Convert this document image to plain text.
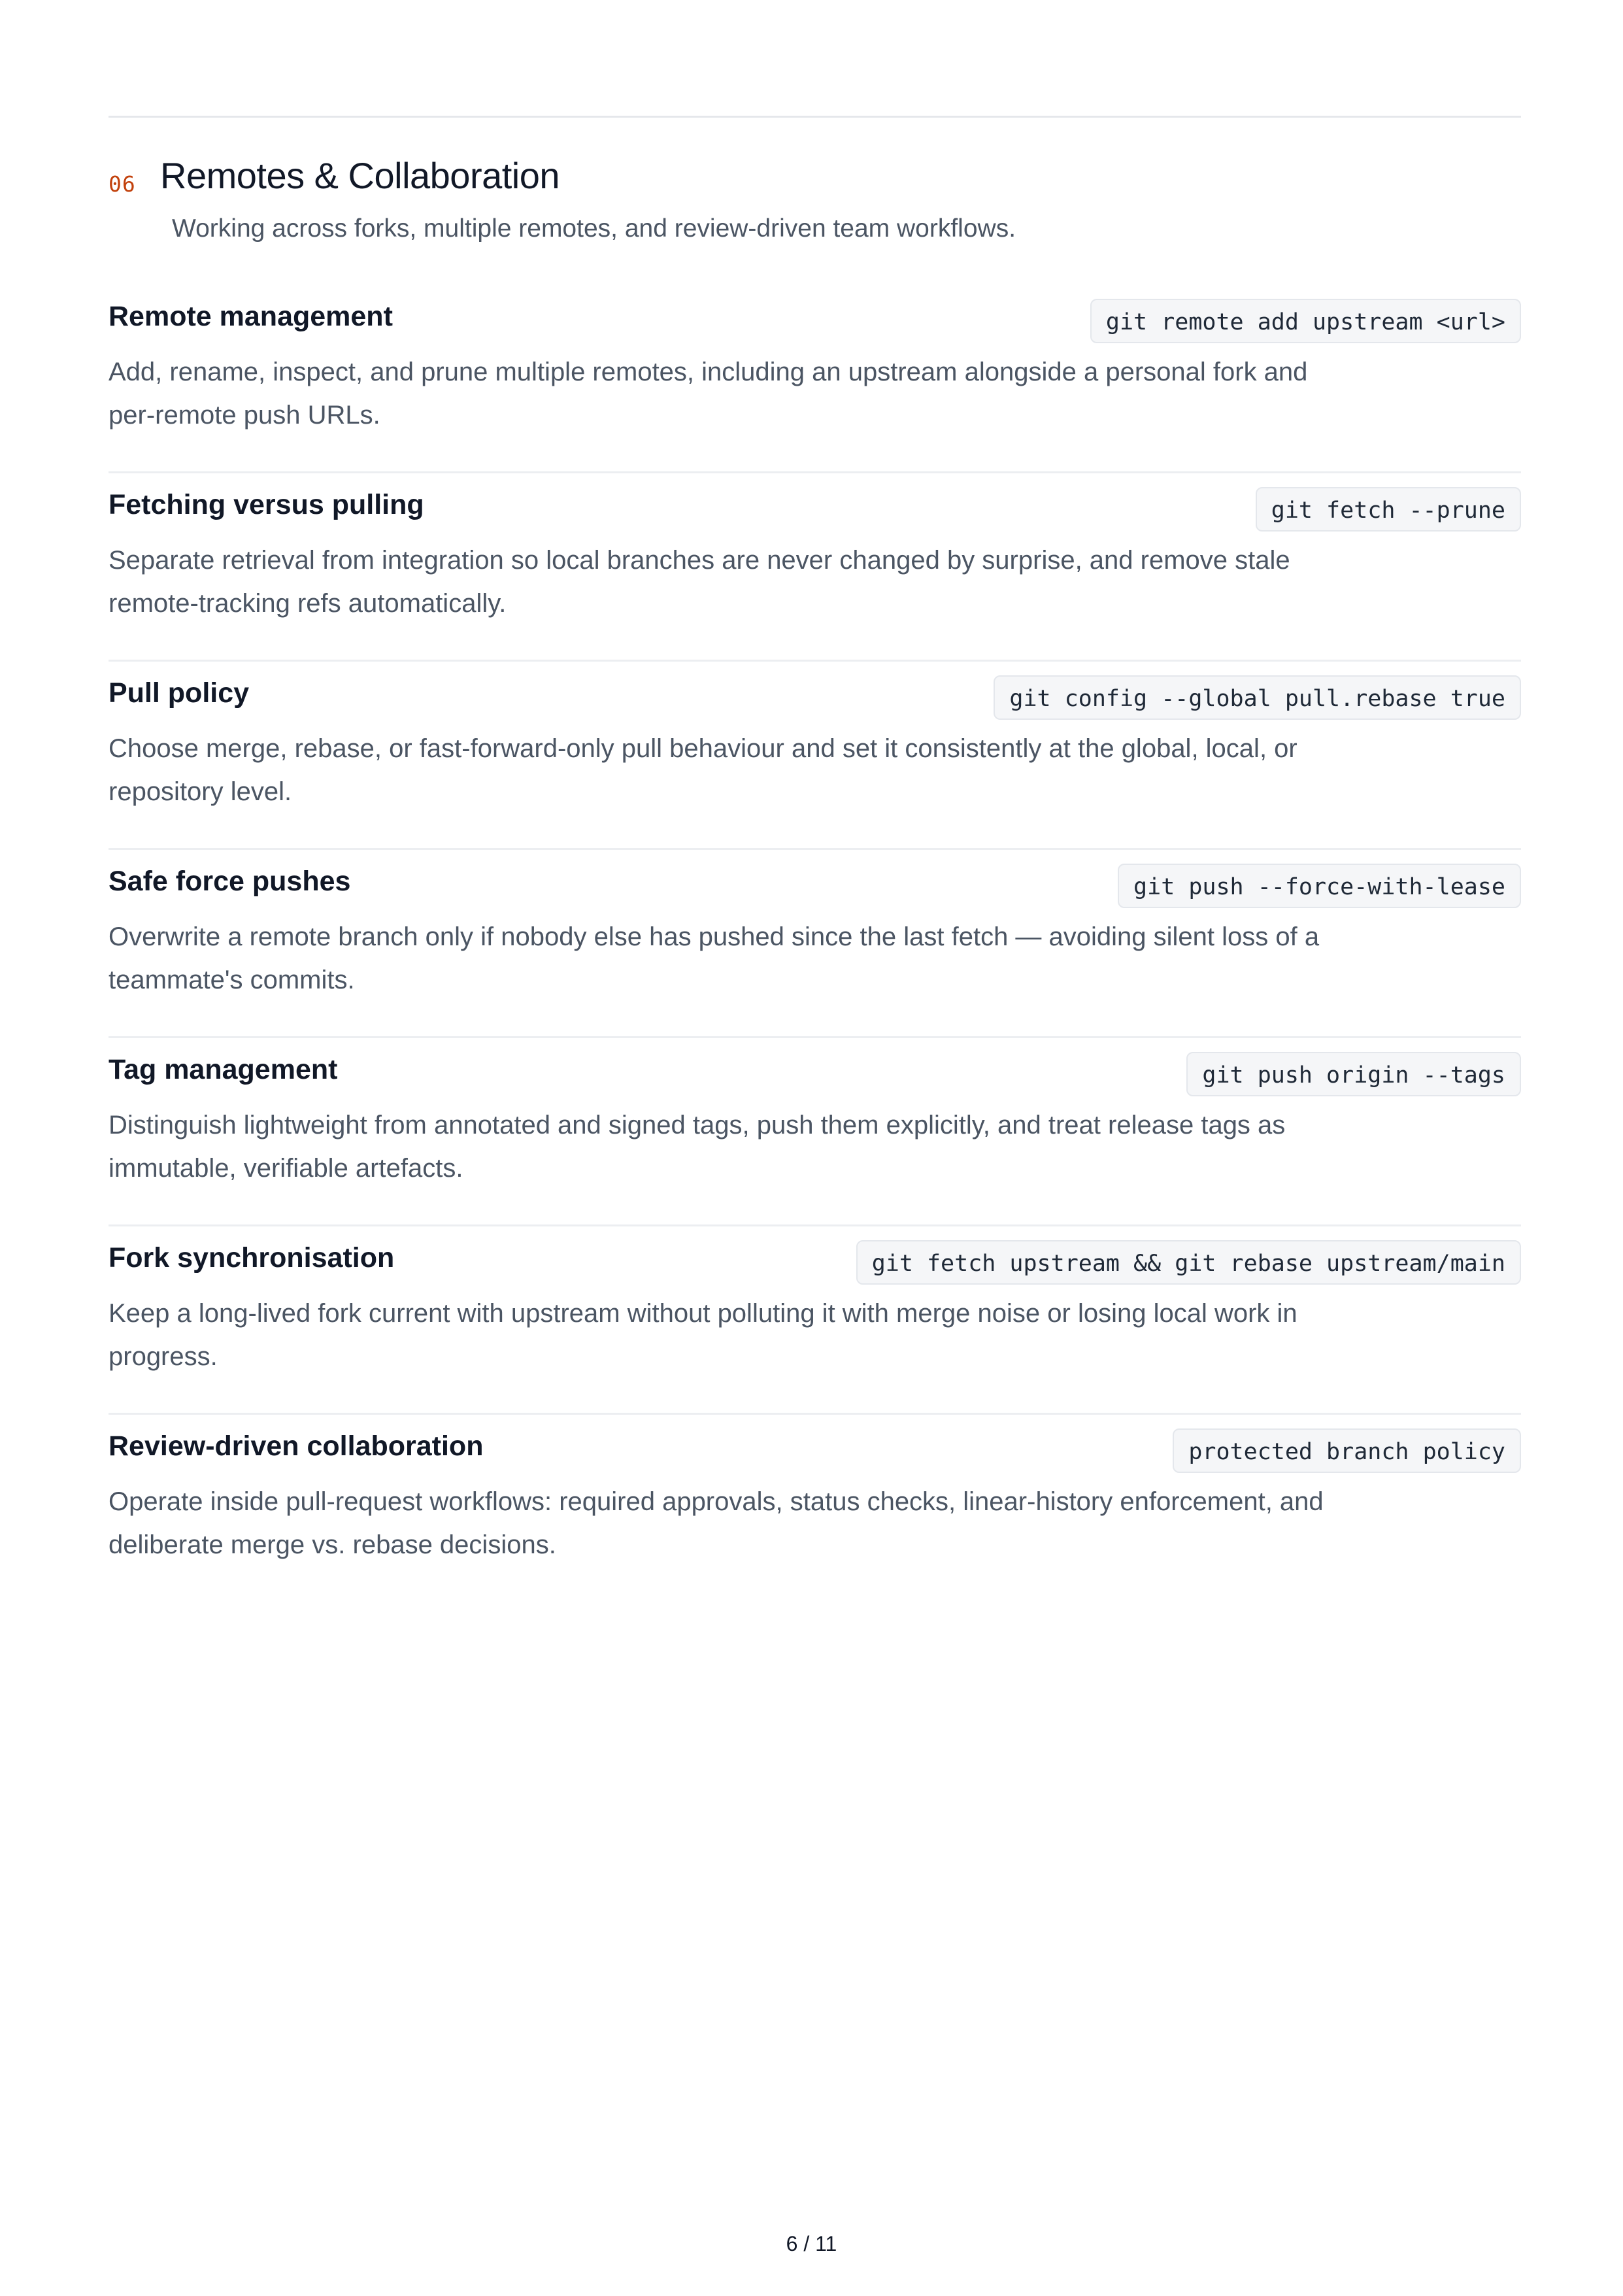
06 Remotes & Collaboration
Working across forks, multiple remotes, and review-driven team workflows.
Remote management	git remote add upstream <url>
Add, rename, inspect, and prune multiple remotes, including an upstream alongside a personal fork and per-remote push URLs.
Fetching versus pulling	git fetch --prune
Separate retrieval from integration so local branches are never changed by surprise, and remove stale remote-tracking refs automatically.
Pull policy	git config --global pull.rebase true
Choose merge, rebase, or fast-forward-only pull behaviour and set it consistently at the global, local, or repository level.
Safe force pushes	git push --force-with-lease
Overwrite a remote branch only if nobody else has pushed since the last fetch — avoiding silent loss of a teammate's commits.
Tag management	git push origin --tags
Distinguish lightweight from annotated and signed tags, push them explicitly, and treat release tags as immutable, verifiable artefacts.
Fork synchronisation	git fetch upstream && git rebase upstream/main
Keep a long-lived fork current with upstream without polluting it with merge noise or losing local work in progress.
Review-driven collaboration	protected branch policy
Operate inside pull-request workflows: required approvals, status checks, linear-history enforcement, and deliberate merge vs. rebase decisions.
6 / 11
